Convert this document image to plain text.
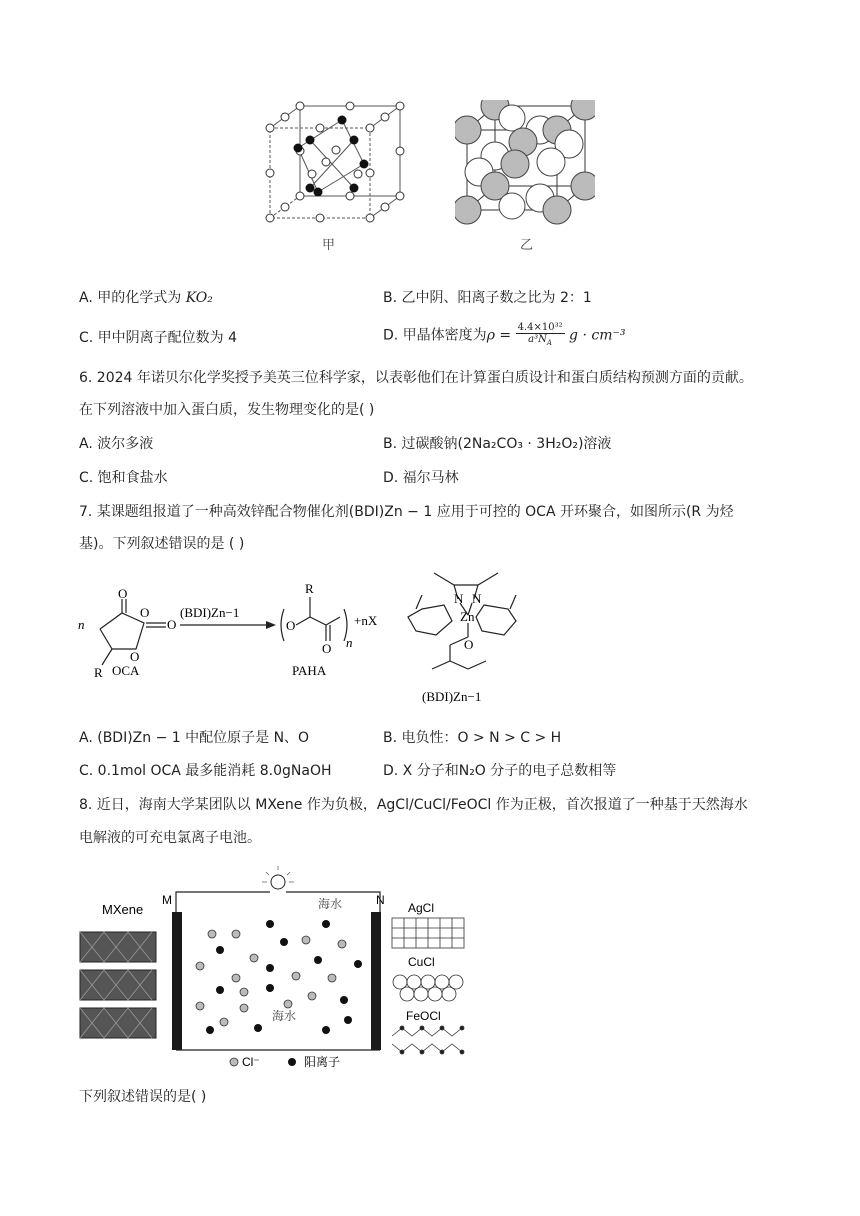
甲	乙
A. 甲的化学式为 KO₂	B. 乙中阴、阳离子数之比为 2：1
C. 甲中阴离子配位数为 4	D. 甲晶体密度为$\rho = \frac{\text{4.4×10³²}}{a^3N_A}$ g · cm⁻³
6. 2024 年诺贝尔化学奖授予美英三位科学家，以表彰他们在计算蛋白质设计和蛋白质结构预测方面的贡献。
在下列溶液中加入蛋白质，发生物理变化的是( )
A. 波尔多液	B. 过碳酸钠(2Na₂CO₃ · 3H₂O₂)溶液
C. 饱和食盐水	D. 福尔马林
7. 某课题组报道了一种高效锌配合物催化剂(BDI)Zn − 1 应用于可控的 OCA 开环聚合，如图所示(R 为烃
基)。下列叙述错误的是 ( )
n
O
O
O
O
R OCA
(BDI)Zn−1
R
O
O n
+nX
PAHA
N N
Zn
O
(BDI)Zn−1
A. (BDI)Zn − 1 中配位原子是 N、O	B. 电负性：O > N > C > H
C. 0.1mol OCA 最多能消耗 8.0gNaOH	D. X 分子和N₂O 分子的电子总数相等
8. 近日，海南大学某团队以 MXene 作为负极，AgCl/CuCl/FeOCl 作为正极，首次报道了一种基于天然海水
电解液的可充电氯离子电池。
MXene
M	N
海水
海水
Cl⁻	阳离子
AgCl
CuCl
FeOCl
下列叙述错误的是( )
